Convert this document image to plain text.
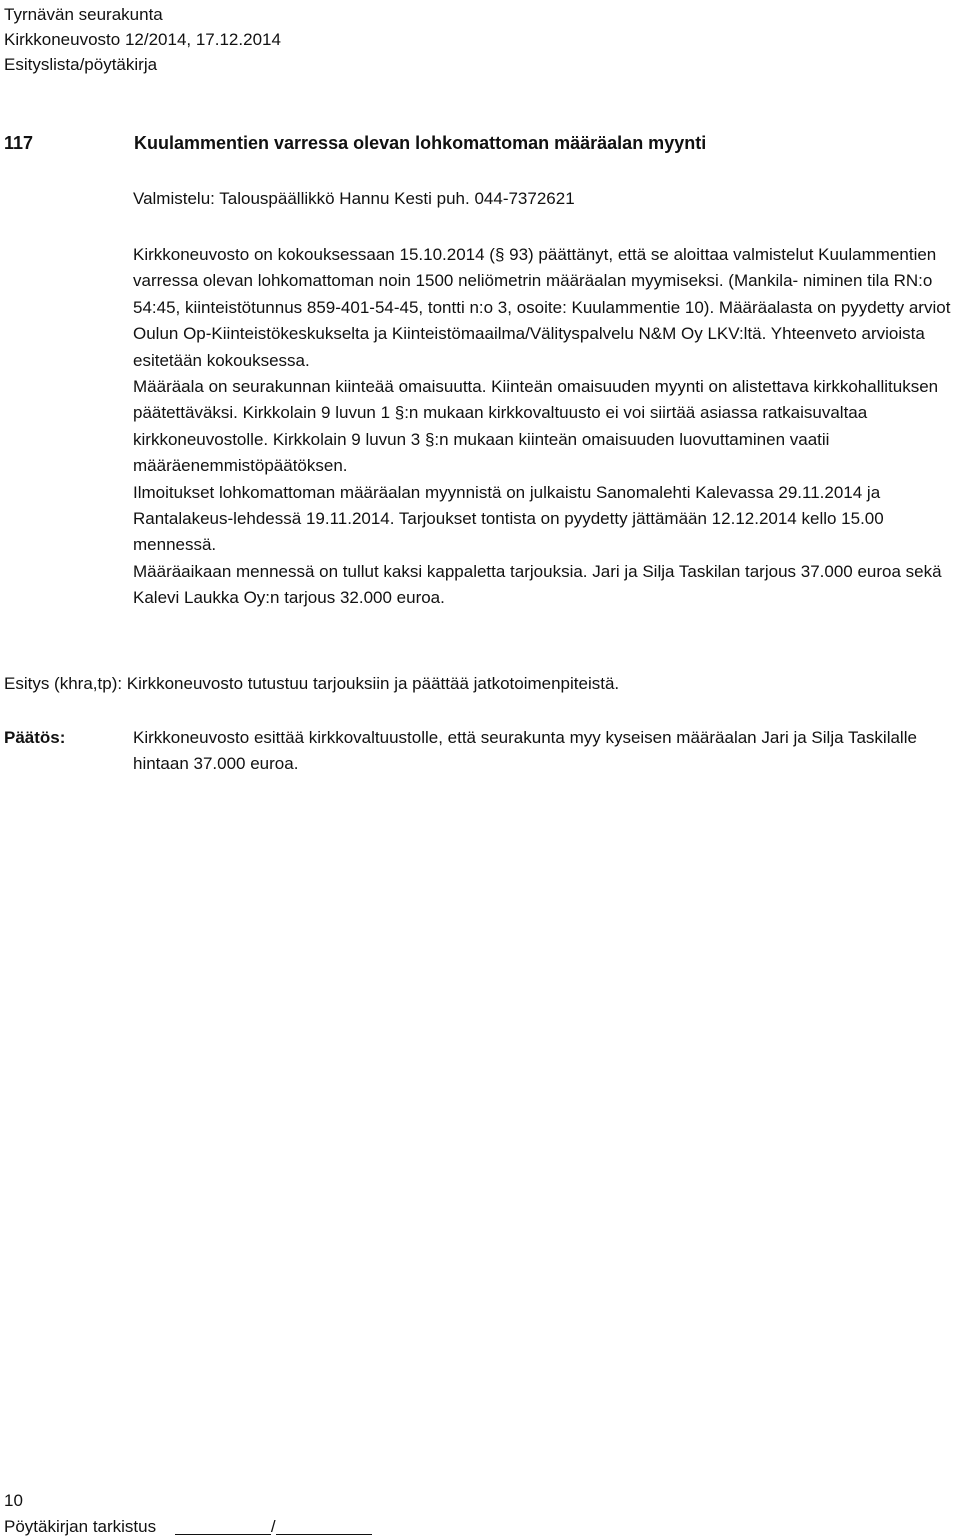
Tyrnävän seurakunta
Kirkkoneuvosto 12/2014, 17.12.2014
Esityslista/pöytäkirja
117	Kuulammentien varressa olevan lohkomattoman määräalan myynti

Valmistelu: Talouspäällikkö Hannu Kesti puh. 044-7372621

Kirkkoneuvosto on kokouksessaan 15.10.2014 (§ 93) päättänyt, että se aloittaa valmistelut Kuulammentien varressa olevan lohkomattoman noin 1500 neliömetrin määräalan myymiseksi. (Mankila- niminen tila RN:o 54:45, kiinteistötunnus 859-401-54-45, tontti n:o 3, osoite: Kuulammentie 10). Määräalasta on pyydetty arviot Oulun Op-Kiinteistökeskukselta ja Kiinteistömaailma/Välityspalvelu N&M Oy LKV:ltä. Yhteenveto arvioista esitetään kokouksessa.

Määräala on seurakunnan kiinteää omaisuutta. Kiinteän omaisuuden myynti on alistettava kirkkohallituksen päätettäväksi. Kirkkolain 9 luvun 1 §:n mukaan kirkkovaltuusto ei voi siirtää asiassa ratkaisuvaltaa kirkkoneuvostolle. Kirkkolain 9 luvun 3 §:n mukaan kiinteän omaisuuden luovuttaminen vaatii määräenemmistöpäätöksen.

Ilmoitukset lohkomattoman määräalan myynnistä on julkaistu Sanomalehti Kalevassa 29.11.2014 ja Rantalakeus-lehdessä 19.11.2014. Tarjoukset tontista on pyydetty jättämään 12.12.2014 kello 15.00 mennessä.

Määräaikaan mennessä on tullut kaksi kappaletta tarjouksia. Jari ja Silja Taskilan tarjous 37.000 euroa sekä Kalevi Laukka Oy:n tarjous 32.000 euroa.

Esitys (khra,tp): Kirkkoneuvosto tutustuu tarjouksiin ja päättää jatkotoimenpiteistä.
Päätös:	Kirkkoneuvosto esittää kirkkovaltuustolle, että seurakunta myy kyseisen määräalan Jari ja Silja Taskilalle hintaan 37.000 euroa.

10
Pöytäkirjan tarkistus	/
